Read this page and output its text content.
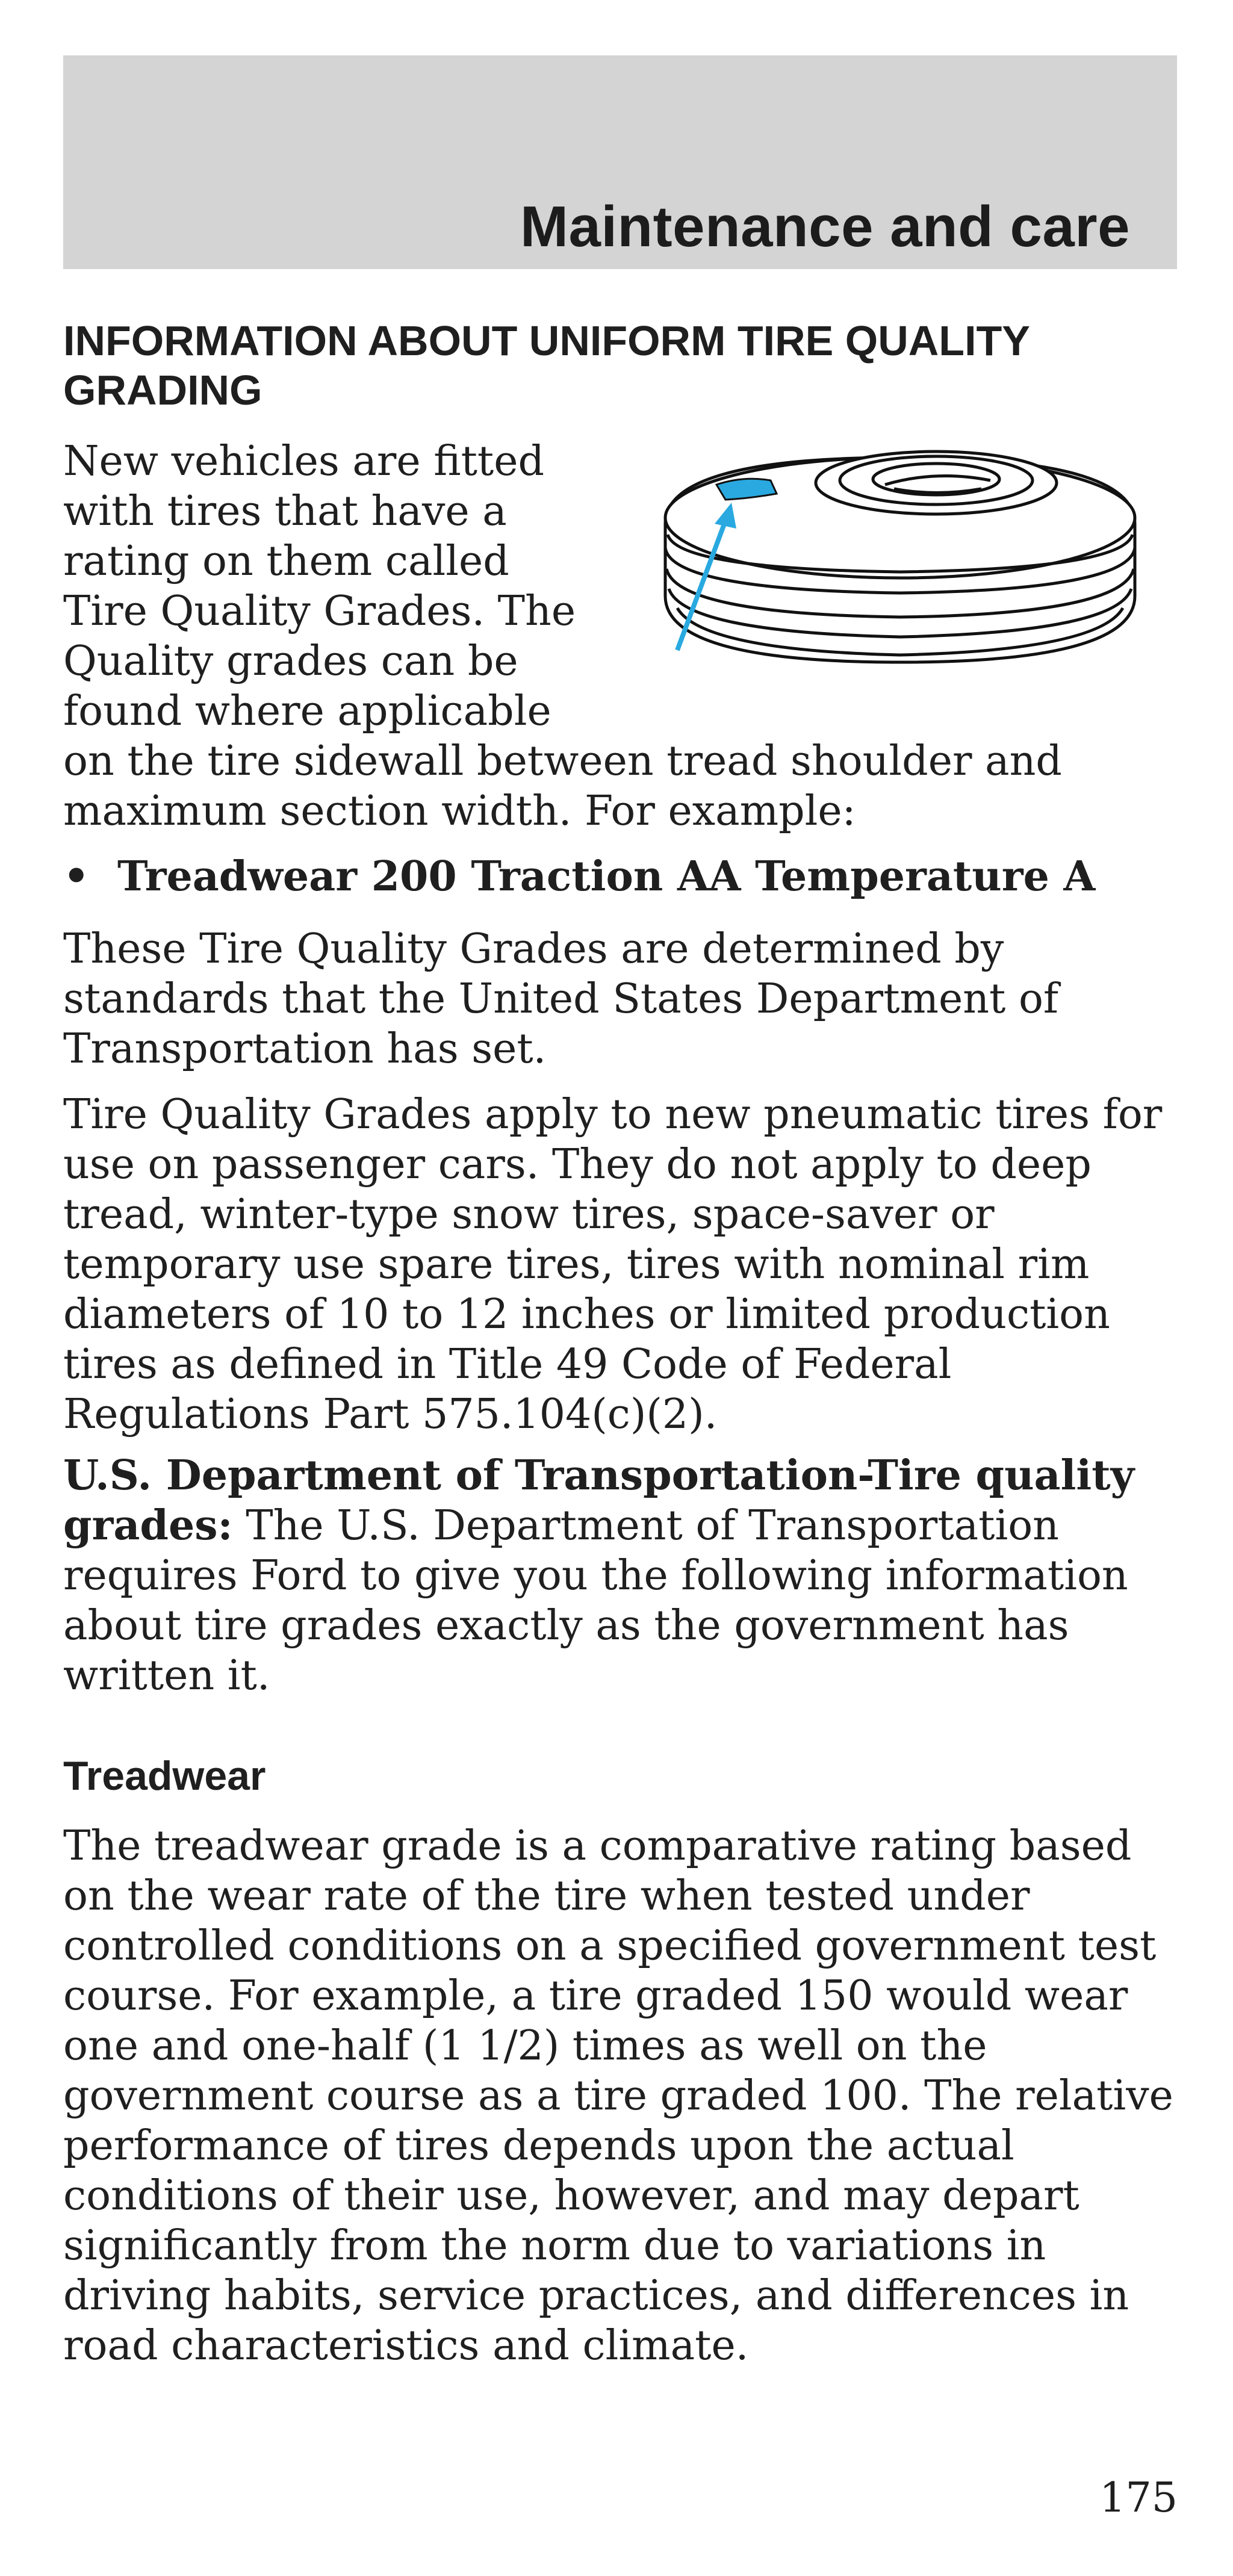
Maintenance and care
INFORMATION ABOUT UNIFORM TIRE QUALITY GRADING

New vehicles are fitted with tires that have a rating on them called Tire Quality Grades. The Quality grades can be found where applicable on the tire sidewall between tread shoulder and maximum section width. For example:

• Treadwear 200 Traction AA Temperature A

These Tire Quality Grades are determined by standards that the United States Department of Transportation has set.

Tire Quality Grades apply to new pneumatic tires for use on passenger cars. They do not apply to deep tread, winter-type snow tires, space-saver or temporary use spare tires, tires with nominal rim diameters of 10 to 12 inches or limited production tires as defined in Title 49 Code of Federal Regulations Part 575.104(c)(2).

U.S. Department of Transportation-Tire quality grades: The U.S. Department of Transportation requires Ford to give you the following information about tire grades exactly as the government has written it.

Treadwear

The treadwear grade is a comparative rating based on the wear rate of the tire when tested under controlled conditions on a specified government test course. For example, a tire graded 150 would wear one and one-half (1 1/2) times as well on the government course as a tire graded 100. The relative performance of tires depends upon the actual conditions of their use, however, and may depart significantly from the norm due to variations in driving habits, service practices, and differences in road characteristics and climate.

175
